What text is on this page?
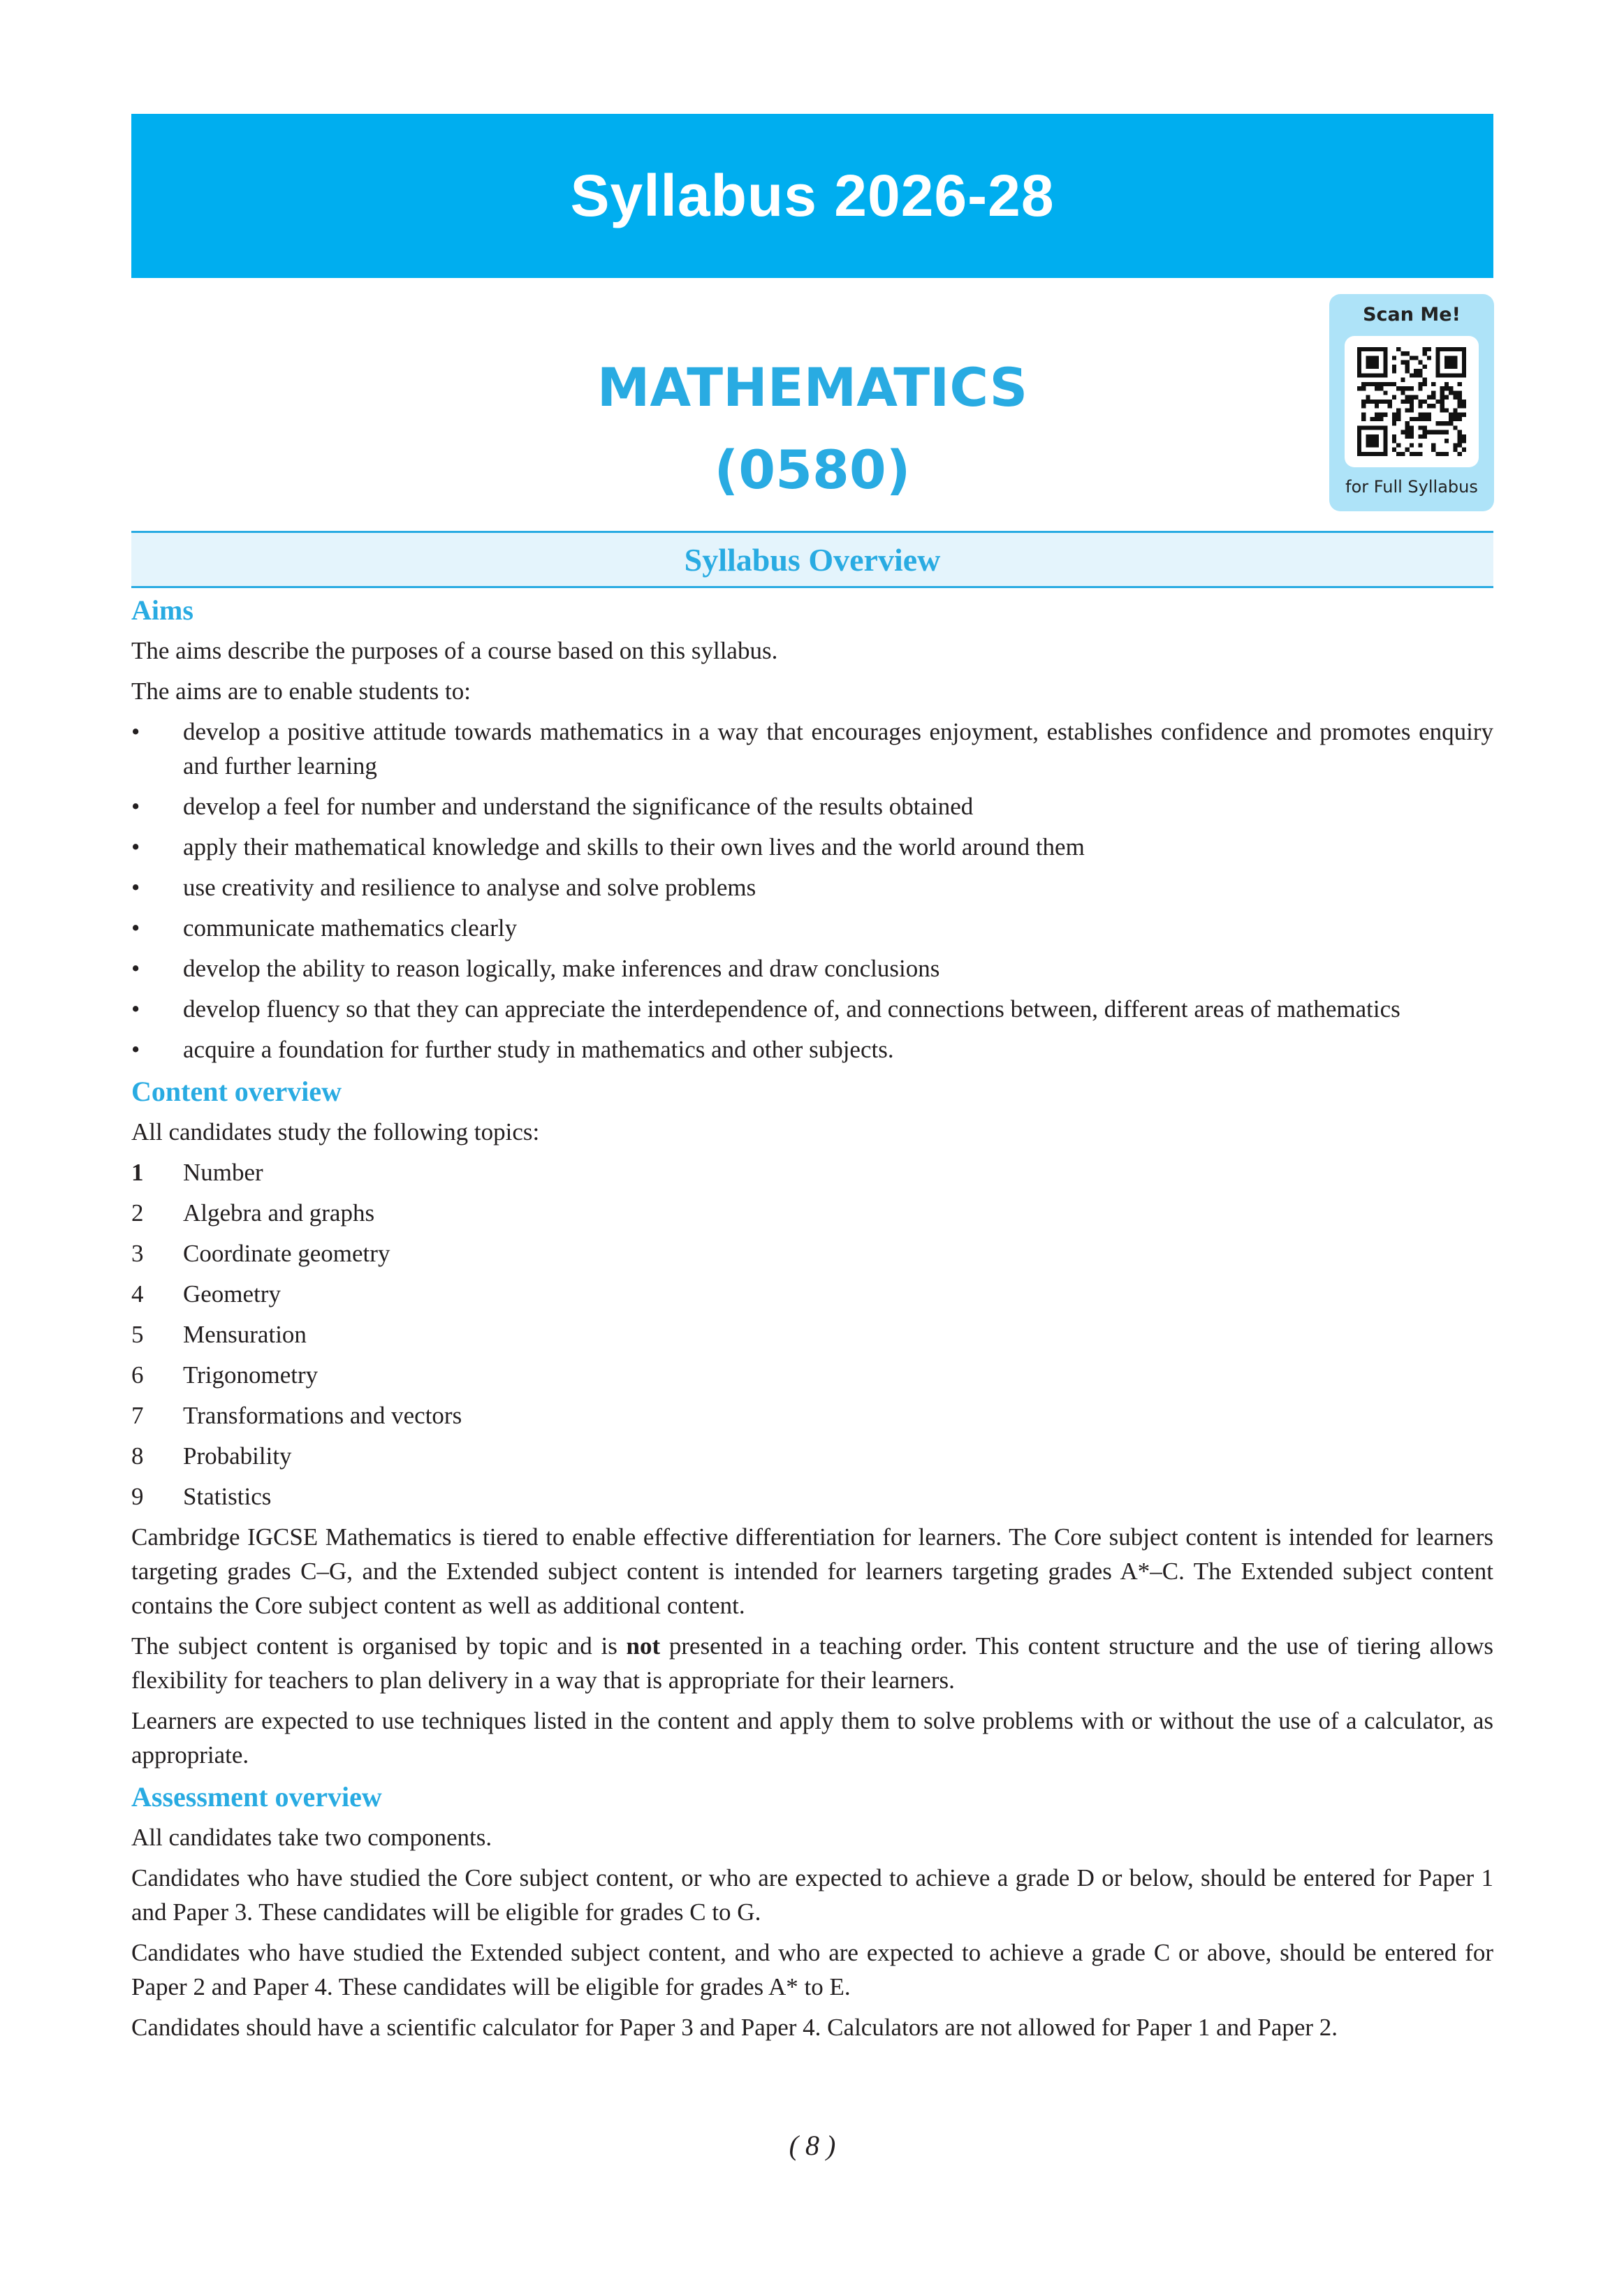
Syllabus 2026-28
MATHEMATICS
(0580)
Scan Me!
for Full Syllabus
Syllabus Overview
Aims

The aims describe the purposes of a course based on this syllabus.

The aims are to enable students to:

• develop a positive attitude towards mathematics in a way that encourages enjoyment, establishes confidence and promotes enquiry and further learning
• develop a feel for number and understand the significance of the results obtained
• apply their mathematical knowledge and skills to their own lives and the world around them
• use creativity and resilience to analyse and solve problems
• communicate mathematics clearly
• develop the ability to reason logically, make inferences and draw conclusions
• develop fluency so that they can appreciate the interdependence of, and connections between, different areas of mathematics
• acquire a foundation for further study in mathematics and other subjects.
Content overview

All candidates study the following topics:

1 Number
2 Algebra and graphs
3 Coordinate geometry
4 Geometry
5 Mensuration
6 Trigonometry
7 Transformations and vectors
8 Probability
9 Statistics

Cambridge IGCSE Mathematics is tiered to enable effective differentiation for learners. The Core subject content is intended for learners targeting grades C–G, and the Extended subject content is intended for learners targeting grades A*–C. The Extended subject content contains the Core subject content as well as additional content.

The subject content is organised by topic and is not presented in a teaching order. This content structure and the use of tiering allows flexibility for teachers to plan delivery in a way that is appropriate for their learners.

Learners are expected to use techniques listed in the content and apply them to solve problems with or without the use of a calculator, as appropriate.

Assessment overview

All candidates take two components.

Candidates who have studied the Core subject content, or who are expected to achieve a grade D or below, should be entered for Paper 1 and Paper 3. These candidates will be eligible for grades C to G.

Candidates who have studied the Extended subject content, and who are expected to achieve a grade C or above, should be entered for Paper 2 and Paper 4. These candidates will be eligible for grades A* to E.

Candidates should have a scientific calculator for Paper 3 and Paper 4. Calculators are not allowed for Paper 1 and Paper 2.

( 8 )
